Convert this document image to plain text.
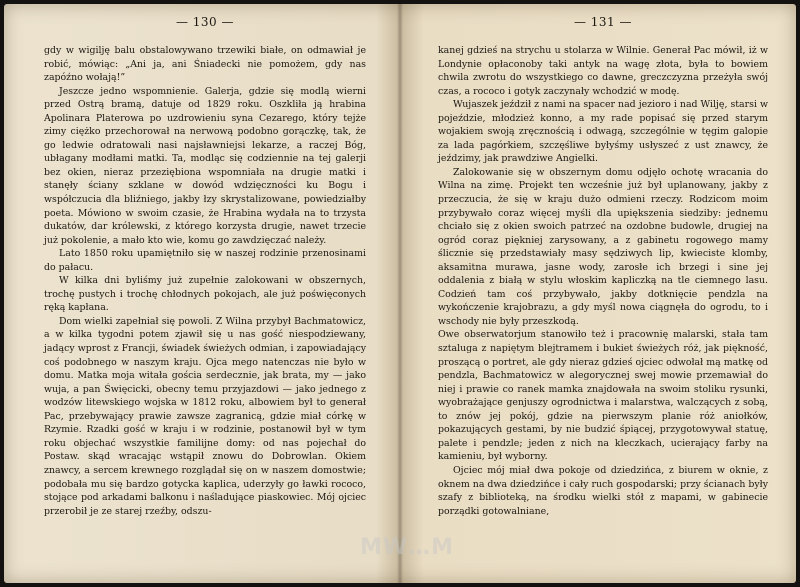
— 130 —

gdy w wigilję balu obstalowywano trzewiki białe, on odmawiał je robić, mówiąc: „Ani ja, ani Śniadecki nie pomożem, gdy nas zapóźno wołają!”

Jeszcze jedno wspomnienie. Galerja, gdzie się modlą wierni przed Ostrą bramą, datuje od 1829 roku. Oszkliła ją hrabina Apolinara Platerowa po uzdrowieniu syna Cezarego, który tejże zimy ciężko przechorował na nerwową podobno gorączkę, tak, że go ledwie odratowali nasi najsławniejsi lekarze, a raczej Bóg, ubłagany modłami matki. Ta, modląc się codziennie na tej galerji bez okien, nieraz przeziębiona wspomniała na drugie matki i stanęły ściany szklane w dowód wdzięczności ku Bogu i współczucia dla bliźniego, jakby łzy skrystalizowane, powiedziałby poeta. Mówiono w swoim czasie, że Hrabina wydała na to trzysta dukatów, dar królewski, z którego korzysta drugie, nawet trzecie już pokolenie, a mało kto wie, komu go zawdzięczać należy.

Lato 1850 roku upamiętniło się w naszej rodzinie przenosinami do pałacu.

W kilka dni byliśmy już zupełnie zalokowani w obszernych, trochę pustych i trochę chłodnych pokojach, ale już poświęconych ręką kapłana.

Dom wielki zapełniał się powoli. Z Wilna przybył Bachmatowicz, a w kilka tygodni potem zjawił się u nas gość niespodziewany, jadący wprost z Francji, świadek świeżych odmian, i zapowiadający coś podobnego w naszym kraju. Ojca mego natenczas nie było w domu. Matka moja witała gościa serdecznie, jak brata, my — jako wuja, a pan Święcicki, obecny temu przyjazdowi — jako jednego z wodzów litewskiego wojska w 1812 roku, albowiem był to generał Pac, przebywający prawie zawsze zagranicą, gdzie miał córkę w Rzymie. Rzadki gość w kraju i w rodzinie, postanowił był w tym roku objechać wszystkie familijne domy: od nas pojechał do Postaw. skąd wracając wstąpił znowu do Dobrowlan. Okiem znawcy, a sercem krewnego rozglądał się on w naszem domostwie; podobała mu się bardzo gotycka kaplica, uderzyły go ławki rococo, stojące pod arkadami balkonu i naśladujące piaskowiec. Mój ojciec przerobił je ze starej rzeźby, odszu-

— 131 —

kanej gdzieś na strychu u stolarza w Wilnie. Generał Pac mówił, iż w Londynie opłaconoby taki antyk na wagę złota, była to bowiem chwila zwrotu do wszystkiego co dawne, greczczyzna przeżyła swój czas, a rococo i gotyk zaczynały wchodzić w modę.

Wujaszek jeździł z nami na spacer nad jezioro i nad Wilję, starsi w pojeździe, młodzież konno, a my rade popisać się przed starym wojakiem swoją zręcznością i odwagą, szczególnie w tęgim galopie za lada pagórkiem, szczęśliwe byłyśmy usłyszeć z ust znawcy, że jeździmy, jak prawdziwe Angielki.

Zalokowanie się w obszernym domu odjęło ochotę wracania do Wilna na zimę. Projekt ten wcześnie już był uplanowany, jakby z przeczucia, że się w kraju dużo odmieni rzeczy. Rodzicom moim przybywało coraz więcej myśli dla upiększenia siedziby: jednemu chciało się z okien swoich patrzeć na ozdobne budowle, drugiej na ogród coraz piękniej zarysowany, a z gabinetu rogowego mamy ślicznie się przedstawiały masy sędziwych lip, kwieciste klomby, aksamitna murawa, jasne wody, zarosłe ich brzegi i sine jej oddalenia z białą w stylu włoskim kapliczką na tle ciemnego lasu. Codzień tam coś przybywało, jakby dotknięcie pendzla na wykończenie krajobrazu, a gdy myśl nowa ciągnęła do ogrodu, to i wschody nie były przeszkodą.

Owe obserwatorjum stanowiło też i pracownię malarski, stała tam sztaluga z napiętym blejtramem i bukiet świeżych róż, jak piękność, proszącą o portret, ale gdy nieraz gdzieś ojciec odwołał mą matkę od pendzla, Bachmatowicz w alegorycznej swej mowie przemawiał do niej i prawie co ranek mamka znajdowała na swoim stoliku rysunki, wyobrażające genjuszy ogrodnictwa i malarstwa, walczących z sobą, to znów jej pokój, gdzie na pierwszym planie róż aniołków, pokazujących gestami, by nie budzić śpiącej, przygotowywał statuę, palete i pendzle; jeden z nich na kleczkach, ucierający farby na kamieniu, był wyborny.

Ojciec mój miał dwa pokoje od dziedzińca, z biurem w oknie, z oknem na dwa dziedzińce i cały ruch gospodarski; przy ścianach były szafy z biblioteką, na środku wielki stół z mapami, w gabinecie porządki gotowalniane,

MW…M
